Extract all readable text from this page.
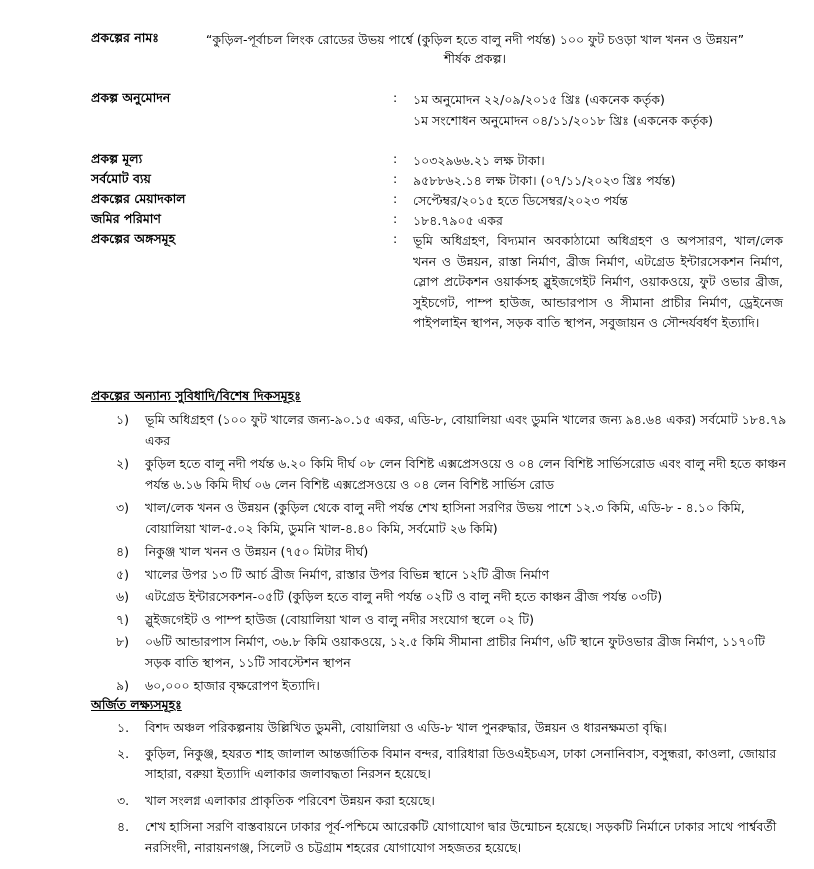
প্রকল্পের নামঃ	“কুড়িল-পূর্বাচল লিংক রোডের উভয় পার্শ্বে (কুড়িল হতে বালু নদী পর্যন্ত) ১০০ ফুট চওড়া খাল খনন ও উন্নয়ন” শীর্ষক প্রকল্প।
প্রকল্প অনুমোদন	: ১ম অনুমোদন ২২/০৯/২০১৫ খ্রিঃ (একনেক কর্তৃক)
১ম সংশোধন অনুমোদন ০৪/১১/২০১৮ খ্রিঃ (একনেক কর্তৃক)
প্রকল্প মূল্য	: ১০৩২৯৬৬.২১ লক্ষ টাকা।
সর্বমোট ব্যয়	: ৯৫৮৮৬২.১৪ লক্ষ টাকা। (০৭/১১/২০২৩ খ্রিঃ পর্যন্ত)
প্রকল্পের মেয়াদকাল	: সেপ্টেম্বর/২০১৫ হতে ডিসেম্বর/২০২৩ পর্যন্ত
জমির পরিমাণ	: ১৮৪.৭৯০৫ একর
প্রকল্পের অঙ্গসমূহ	: ভূমি অধিগ্রহণ, বিদ্যমান অবকাঠামো অধিগ্রহণ ও অপসারণ, খাল/লেক খনন ও উন্নয়ন, রাস্তা নির্মাণ, ব্রীজ নির্মাণ, এটগ্রেড ইন্টারসেকশন নির্মাণ, স্লোপ প্রটেকশন ওয়ার্কসহ স্লুইজগেইট নির্মাণ, ওয়াকওয়ে, ফুট ওভার ব্রীজ, সুইচগেট, পাম্প হাউজ, আন্ডারপাস ও সীমানা প্রাচীর নির্মাণ, ড্রেইনেজ পাইপলাইন স্থাপন, সড়ক বাতি স্থাপন, সবুজায়ন ও সৌন্দর্যবর্ধণ ইত্যাদি।
প্রকল্পের অন্যান্য সুবিধাদি/বিশেষ দিকসমূহঃ
১) ভূমি অধিগ্রহণ (১০০ ফুট খালের জন্য-৯০.১৫ একর, এডি-৮, বোয়ালিয়া এবং ডুমনি খালের জন্য ৯৪.৬৪ একর) সর্বমোট ১৮৪.৭৯ একর
২) কুড়িল হতে বালু নদী পর্যন্ত ৬.২০ কিমি দীর্ঘ ০৮ লেন বিশিষ্ট এক্সপ্রেসওয়ে ও ০৪ লেন বিশিষ্ট সার্ভিসরোড এবং বালু নদী হতে কাঞ্চন পর্যন্ত ৬.১৬ কিমি দীর্ঘ ০৬ লেন বিশিষ্ট এক্সপ্রেসওয়ে ও ০৪ লেন বিশিষ্ট সার্ভিস রোড
৩) খাল/লেক খনন ও উন্নয়ন (কুড়িল থেকে বালু নদী পর্যন্ত শেখ হাসিনা সরণির উভয় পাশে ১২.৩ কিমি, এডি-৮ - ৪.১০ কিমি, বোয়ালিয়া খাল-৫.০২ কিমি, ডুমনি খাল-৪.৪০ কিমি, সর্বমোট ২৬ কিমি)
৪) নিকুঞ্জ খাল খনন ও উন্নয়ন (৭৫০ মিটার দীর্ঘ)
৫) খালের উপর ১৩ টি আর্চ ব্রীজ নির্মাণ, রাস্তার উপর বিভিন্ন স্থানে ১২টি ব্রীজ নির্মাণ
৬) এটগ্রেড ইন্টারসেকশন-০৫টি (কুড়িল হতে বালু নদী পর্যন্ত ০২টি ও বালু নদী হতে কাঞ্চন ব্রীজ পর্যন্ত ০৩টি)
৭) স্লুইজগেইট ও পাম্প হাউজ (বোয়ালিয়া খাল ও বালু নদীর সংযোগ স্থলে ০২ টি)
৮) ০৬টি আন্ডারপাস নির্মাণ, ৩৬.৮ কিমি ওয়াকওয়ে, ১২.৫ কিমি সীমানা প্রাচীর নির্মাণ, ৬টি স্থানে ফুটওভার ব্রীজ নির্মাণ, ১১৭০টি সড়ক বাতি স্থাপন, ১১টি সাবস্টেশন স্থাপন
৯) ৬০,০০০ হাজার বৃক্ষরোপণ ইত্যাদি।
অর্জিত লক্ষ্যসমূহঃ
১. বিশদ অঞ্চল পরিকল্পনায় উল্লিখিত ডুমনী, বোয়ালিয়া ও এডি-৮ খাল পুনরুদ্ধার, উন্নয়ন ও ধারনক্ষমতা বৃদ্ধি।
২. কুড়িল, নিকুঞ্জ, হযরত শাহ জালাল আন্তর্জাতিক বিমান বন্দর, বারিধারা ডিওএইচএস, ঢাকা সেনানিবাস, বসুন্ধরা, কাওলা, জোয়ার সাহারা, বরুয়া ইত্যাদি এলাকার জলাবদ্ধতা নিরসন হয়েছে।
৩. খাল সংলগ্ন এলাকার প্রাকৃতিক পরিবেশ উন্নয়ন করা হয়েছে।
৪. শেখ হাসিনা সরণি বাস্তবায়নে ঢাকার পূর্ব-পশ্চিমে আরেকটি যোগাযোগ দ্বার উন্মোচন হয়েছে। সড়কটি নির্মানে ঢাকার সাথে পার্শ্ববর্তী নরসিংদী, নারায়নগঞ্জ, সিলেট ও চট্টগ্রাম শহরের যোগাযোগ সহজতর হয়েছে।
